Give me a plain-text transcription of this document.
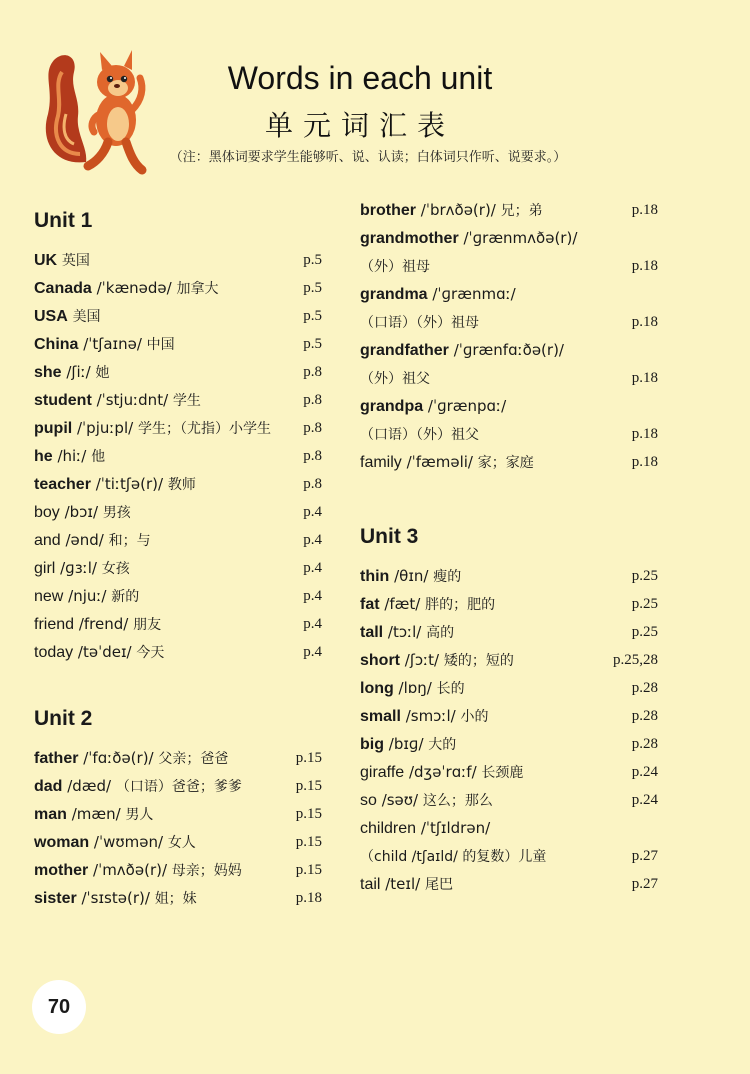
Words in each unit
单元词汇表
（注：黑体词要求学生能够听、说、认读；白体词只作听、说要求。）
Unit 1
UK 英国	p.5
Canada /ˈkænədə/ 加拿大	p.5
USA 美国	p.5
China /ˈtʃaɪnə/ 中国	p.5
she /ʃiː/ 她	p.8
student /ˈstjuːdnt/ 学生	p.8
pupil /ˈpjuːpl/ 学生；（尤指）小学生 p.8
he /hiː/ 他	p.8
teacher /ˈtiːtʃə(r)/ 教师	p.8
boy /bɔɪ/ 男孩	p.4
and /ənd/ 和；与	p.4
girl /ɡɜːl/ 女孩	p.4
new /njuː/ 新的	p.4
friend /frend/ 朋友	p.4
today /təˈdeɪ/ 今天	p.4
Unit 2
father /ˈfɑːðə(r)/ 父亲；爸爸	p.15
dad /dæd/ （口语）爸爸；爹爹	p.15
man /mæn/ 男人	p.15
woman /ˈwʊmən/ 女人	p.15
mother /ˈmʌðə(r)/ 母亲；妈妈	p.15
sister /ˈsɪstə(r)/ 姐；妹	p.18
brother /ˈbrʌðə(r)/ 兄；弟	p.18
grandmother /ˈɡrænmʌðə(r)/
（外）祖母	p.18
grandma /ˈɡrænmɑː/
（口语）（外）祖母	p.18
grandfather /ˈɡrænfɑːðə(r)/
（外）祖父	p.18
grandpa /ˈɡrænpɑː/
（口语）（外）祖父	p.18
family /ˈfæməli/ 家；家庭	p.18
Unit 3
thin /θɪn/ 瘦的	p.25
fat /fæt/ 胖的；肥的	p.25
tall /tɔːl/ 高的	p.25
short /ʃɔːt/ 矮的；短的	p.25,28
long /lɒŋ/ 长的	p.28
small /smɔːl/ 小的	p.28
big /bɪɡ/ 大的	p.28
giraffe /dʒəˈrɑːf/ 长颈鹿	p.24
so /səʊ/ 这么；那么	p.24
children /ˈtʃɪldrən/
（child /tʃaɪld/ 的复数）儿童	p.27
tail /teɪl/ 尾巴	p.27
70
